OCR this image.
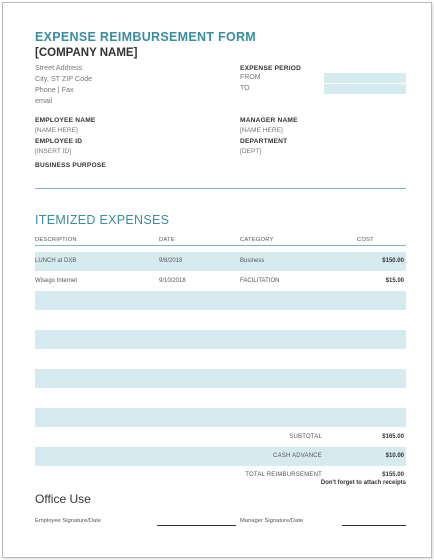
EXPENSE REIMBURSEMENT FORM
[COMPANY NAME]
Street Address
City, ST ZIP Code
Phone | Fax
email
EXPENSE PERIOD
FROM
TO
EMPLOYEE NAME
[NAME HERE]
EMPLOYEE ID
[INSERT ID]
BUSINESS PURPOSE
MANAGER NAME
[NAME HERE]
DEPARTMENT
[DEPT]
ITEMIZED EXPENSES
DESCRIPTION	DATE	CATEGORY	COST
LUNCH at DXB	9/8/2018	Business	$150.00
Wisego Internet	9/10/2018	FACILITATION	$15.00
SUBTOTAL	$165.00
CASH ADVANCE	$10.00
TOTAL REIMBURSEMENT	$155.00
Don't forget to attach receipts
Office Use
Employee Signature/Date	Manager Signature/Date
